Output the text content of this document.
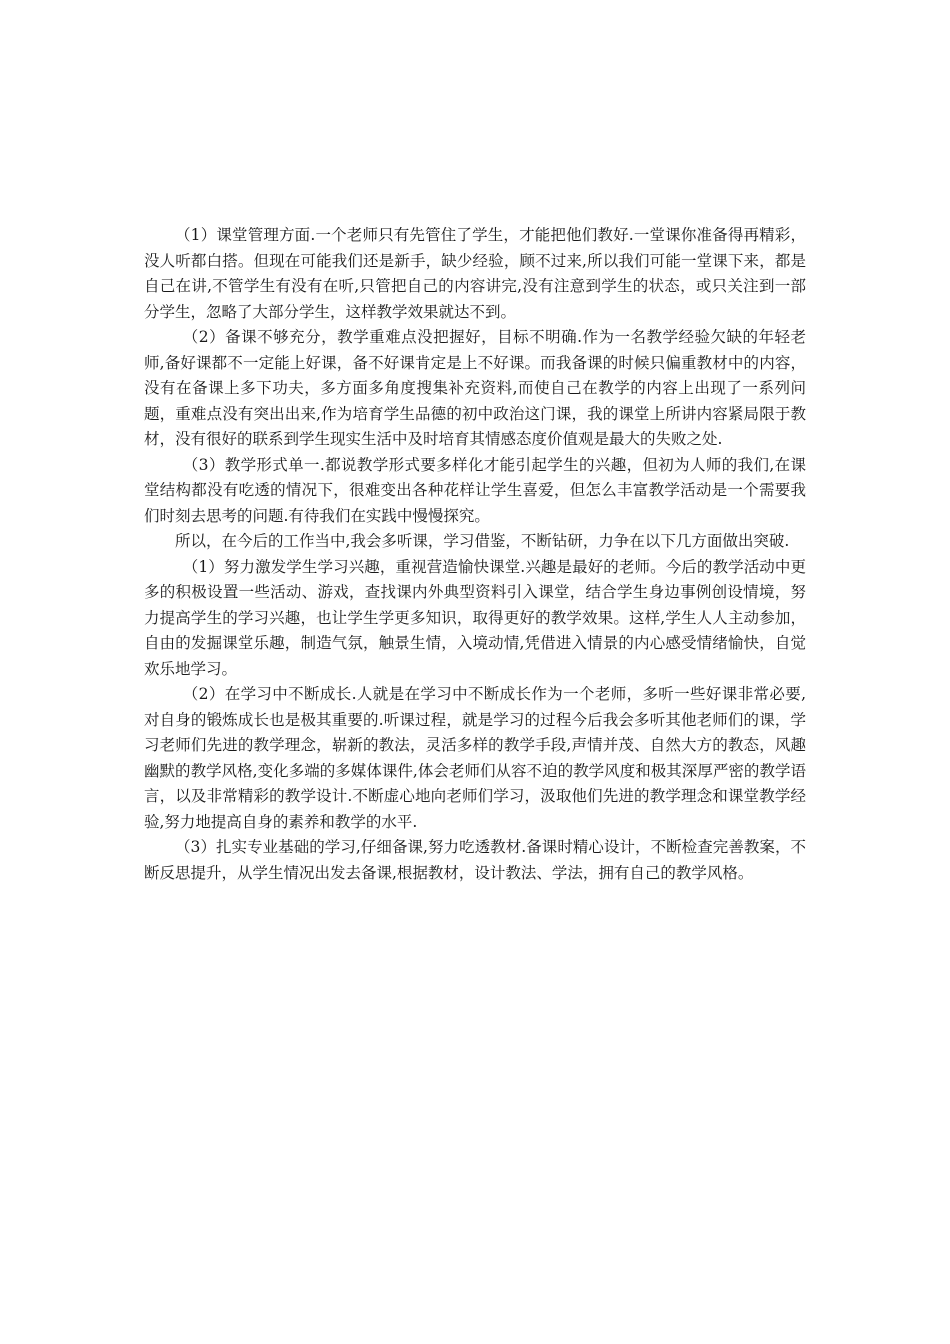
（1）课堂管理方面.一个老师只有先管住了学生，才能把他们教好.一堂课你准备得再精彩，没人听都白搭。但现在可能我们还是新手，缺少经验，顾不过来,所以我们可能一堂课下来，都是自己在讲,不管学生有没有在听,只管把自己的内容讲完,没有注意到学生的状态，或只关注到一部分学生，忽略了大部分学生，这样教学效果就达不到。

（2）备课不够充分，教学重难点没把握好，目标不明确.作为一名教学经验欠缺的年轻老师,备好课都不一定能上好课，备不好课肯定是上不好课。而我备课的时候只偏重教材中的内容，没有在备课上多下功夫，多方面多角度搜集补充资料,而使自己在教学的内容上出现了一系列问题，重难点没有突出出来,作为培育学生品德的初中政治这门课，我的课堂上所讲内容紧局限于教材，没有很好的联系到学生现实生活中及时培育其情感态度价值观是最大的失败之处.

（3）教学形式单一.都说教学形式要多样化才能引起学生的兴趣，但初为人师的我们,在课堂结构都没有吃透的情况下，很难变出各种花样让学生喜爱，但怎么丰富教学活动是一个需要我们时刻去思考的问题.有待我们在实践中慢慢探究。

所以，在今后的工作当中,我会多听课，学习借鉴，不断钻研，力争在以下几方面做出突破.

（1）努力激发学生学习兴趣，重视营造愉快课堂.兴趣是最好的老师。今后的教学活动中更多的积极设置一些活动、游戏，查找课内外典型资料引入课堂，结合学生身边事例创设情境，努力提高学生的学习兴趣，也让学生学更多知识，取得更好的教学效果。这样,学生人人主动参加，自由的发掘课堂乐趣，制造气氛，触景生情，入境动情,凭借进入情景的内心感受情绪愉快，自觉欢乐地学习。

（2）在学习中不断成长.人就是在学习中不断成长作为一个老师，多听一些好课非常必要,对自身的锻炼成长也是极其重要的.听课过程，就是学习的过程今后我会多听其他老师们的课，学习老师们先进的教学理念，崭新的教法，灵活多样的教学手段,声情并茂、自然大方的教态，风趣幽默的教学风格,变化多端的多媒体课件,体会老师们从容不迫的教学风度和极其深厚严密的教学语言，以及非常精彩的教学设计.不断虚心地向老师们学习，汲取他们先进的教学理念和课堂教学经验,努力地提高自身的素养和教学的水平.

（3）扎实专业基础的学习,仔细备课,努力吃透教材.备课时精心设计，不断检查完善教案，不断反思提升，从学生情况出发去备课,根据教材，设计教法、学法，拥有自己的教学风格。
